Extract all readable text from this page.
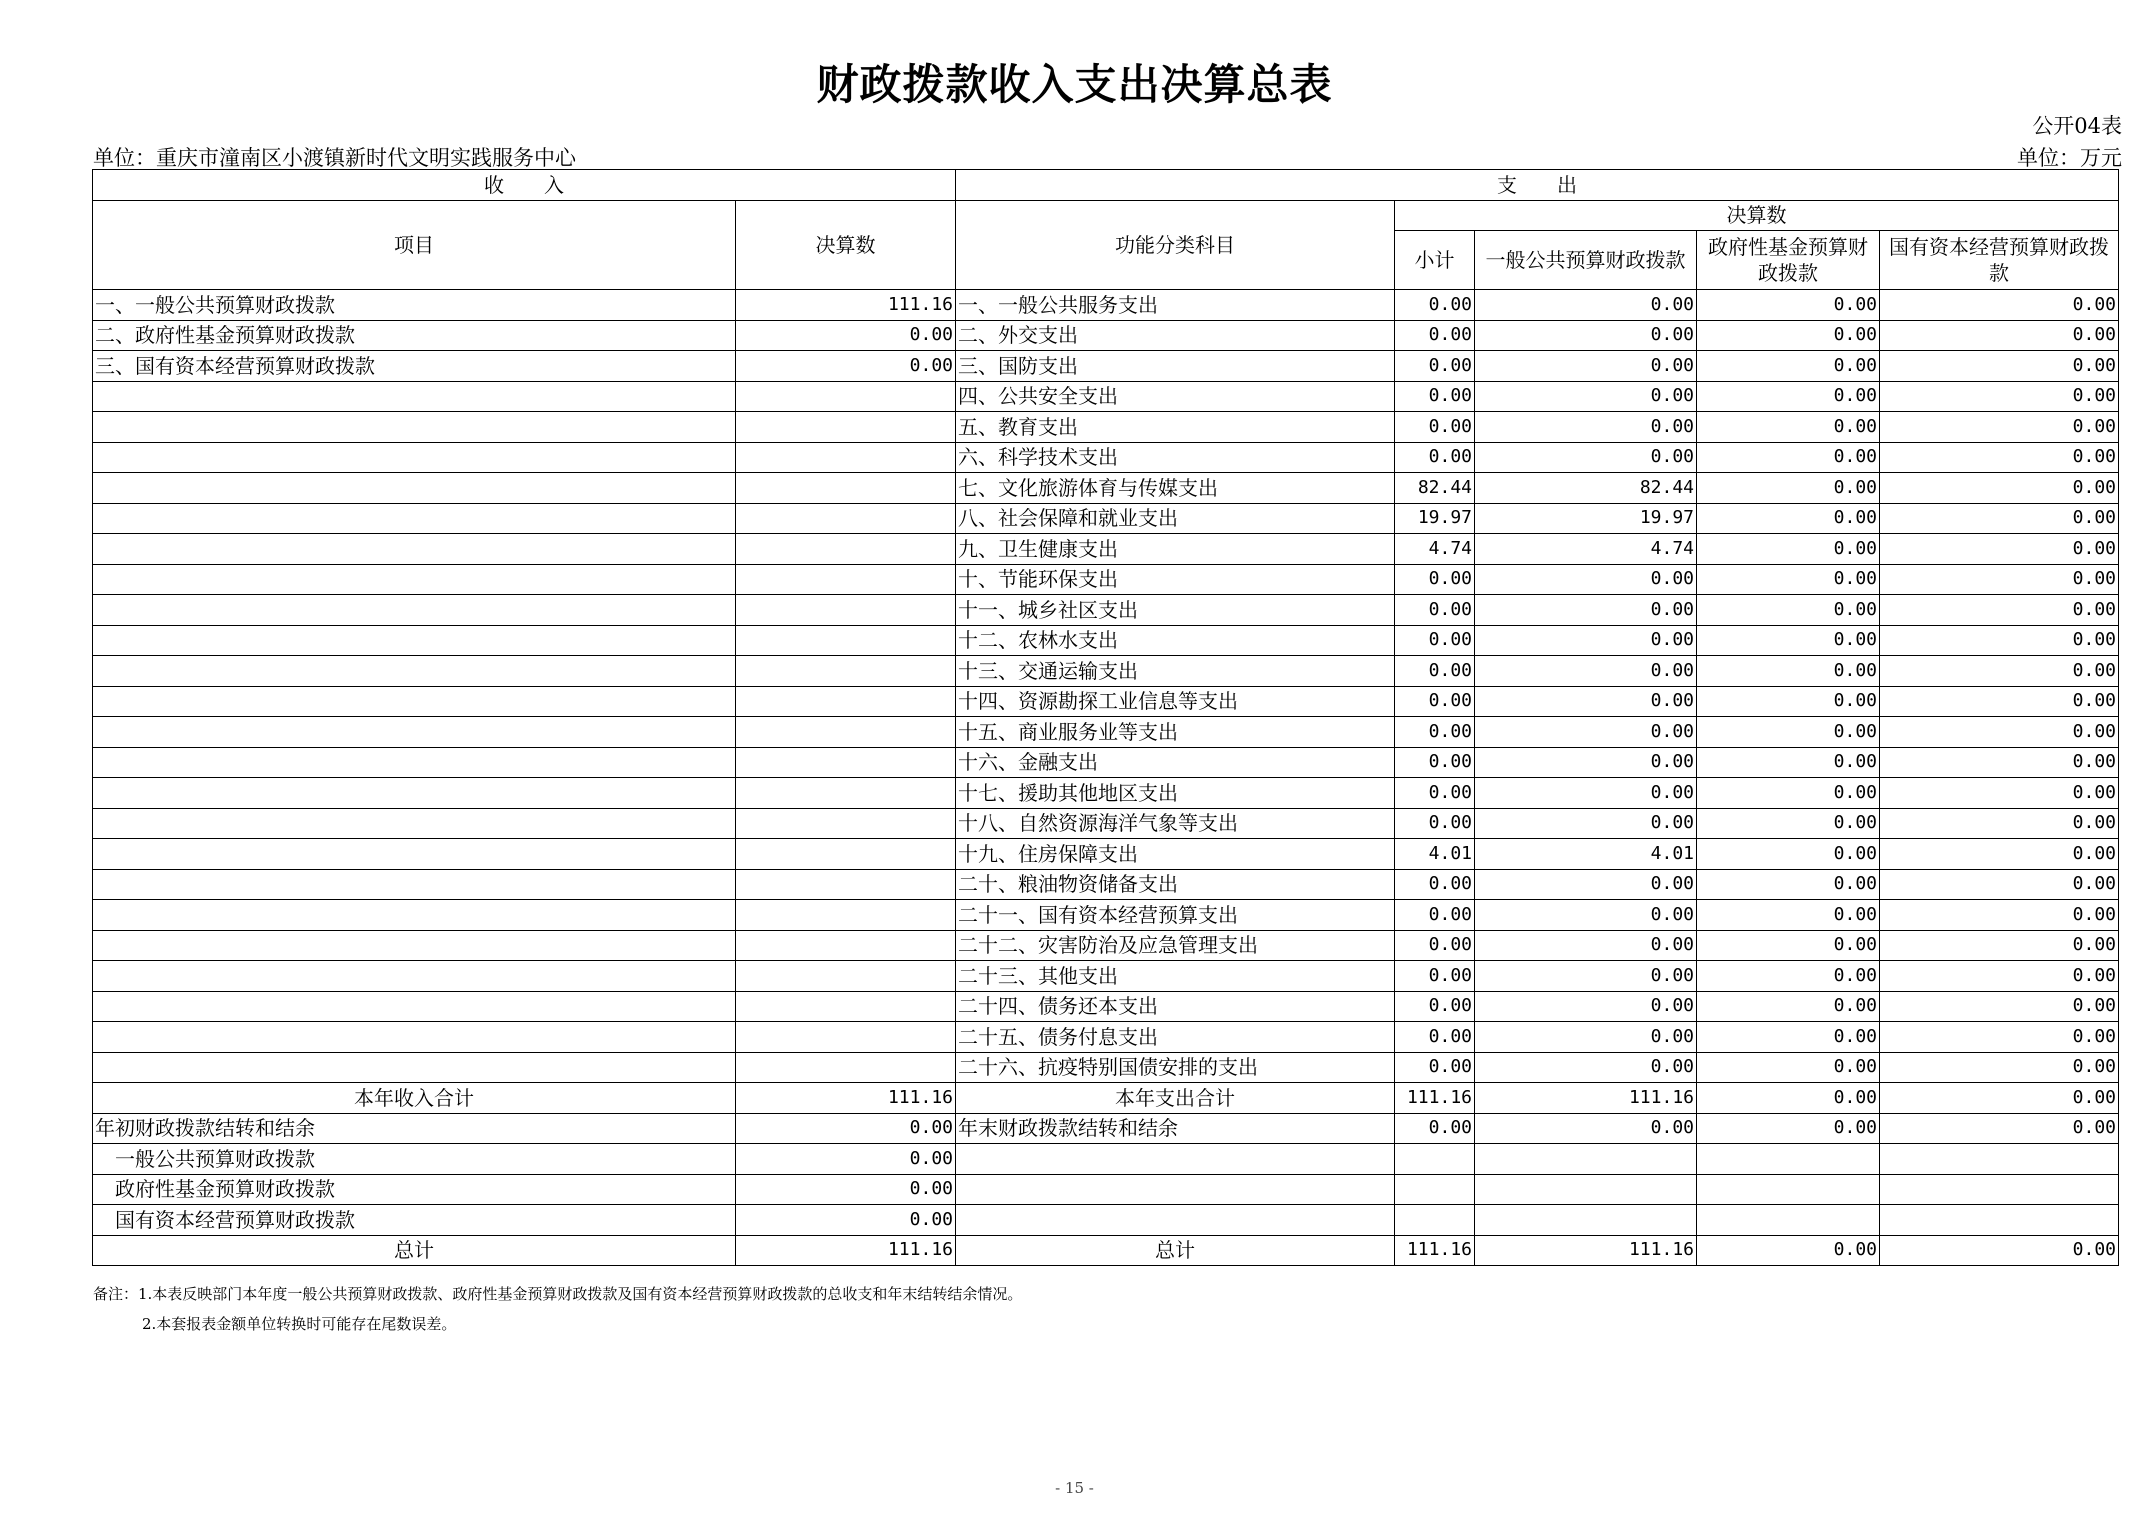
财政拨款收入支出决算总表
公开04表
单位：重庆市潼南区小渡镇新时代文明实践服务中心	单位：万元
收　　入		支　　出				
项目	决算数	功能分类科目	决算数			
			小计	一般公共预算财政拨款	政府性基金预算财政拨款	国有资本经营预算财政拨款
一、一般公共预算财政拨款	111.16	一、一般公共服务支出	0.00	0.00	0.00	0.00
二、政府性基金预算财政拨款	0.00	二、外交支出	0.00	0.00	0.00	0.00
三、国有资本经营预算财政拨款	0.00	三、国防支出	0.00	0.00	0.00	0.00
		四、公共安全支出	0.00	0.00	0.00	0.00
		五、教育支出	0.00	0.00	0.00	0.00
		六、科学技术支出	0.00	0.00	0.00	0.00
		七、文化旅游体育与传媒支出	82.44	82.44	0.00	0.00
		八、社会保障和就业支出	19.97	19.97	0.00	0.00
		九、卫生健康支出	4.74	4.74	0.00	0.00
		十、节能环保支出	0.00	0.00	0.00	0.00
		十一、城乡社区支出	0.00	0.00	0.00	0.00
		十二、农林水支出	0.00	0.00	0.00	0.00
		十三、交通运输支出	0.00	0.00	0.00	0.00
		十四、资源勘探工业信息等支出	0.00	0.00	0.00	0.00
		十五、商业服务业等支出	0.00	0.00	0.00	0.00
		十六、金融支出	0.00	0.00	0.00	0.00
		十七、援助其他地区支出	0.00	0.00	0.00	0.00
		十八、自然资源海洋气象等支出	0.00	0.00	0.00	0.00
		十九、住房保障支出	4.01	4.01	0.00	0.00
		二十、粮油物资储备支出	0.00	0.00	0.00	0.00
		二十一、国有资本经营预算支出	0.00	0.00	0.00	0.00
		二十二、灾害防治及应急管理支出	0.00	0.00	0.00	0.00
		二十三、其他支出	0.00	0.00	0.00	0.00
		二十四、债务还本支出	0.00	0.00	0.00	0.00
		二十五、债务付息支出	0.00	0.00	0.00	0.00
		二十六、抗疫特别国债安排的支出	0.00	0.00	0.00	0.00
本年收入合计	111.16	本年支出合计	111.16	111.16	0.00	0.00
年初财政拨款结转和结余	0.00	年末财政拨款结转和结余	0.00	0.00	0.00	0.00
一般公共预算财政拨款	0.00					
政府性基金预算财政拨款	0.00					
国有资本经营预算财政拨款	0.00					
总计	111.16	总计	111.16	111.16	0.00	0.00
备注：1.本表反映部门本年度一般公共预算财政拨款、政府性基金预算财政拨款及国有资本经营预算财政拨款的总收支和年末结转结余情况。
2.本套报表金额单位转换时可能存在尾数误差。
- 15 -
